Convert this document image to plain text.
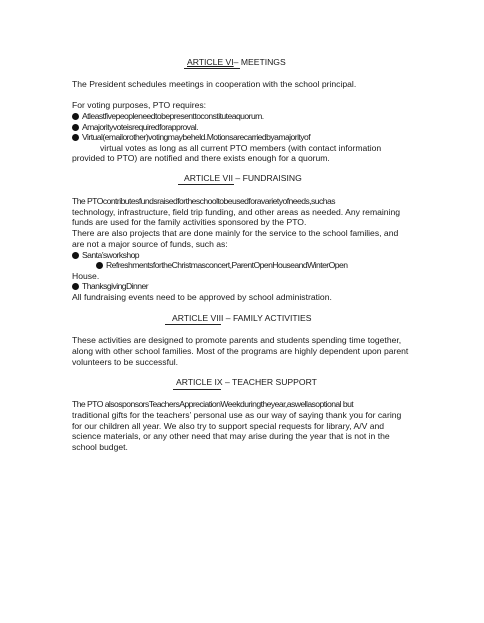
ARTICLE VI– MEETINGS
The President schedules meetings in cooperation with the school principal.
For voting purposes, PTO requires:
Atleastfivepeopleneedtobepresenttoconstituteaquorum.
Amajorityvoteisrequiredforapproval.
Virtual(emailorother)votingmaybeheld.Motionsarecarriedbyamajorityof
virtual votes as long as all current PTO members (with contact information
provided to PTO) are notified and there exists enough for a quorum.
ARTICLE VII – FUNDRAISING
The PTOcontributesfundsraisedfortheschooltobeusedforavarietyofneeds,suchas
technology, infrastructure, field trip funding, and other areas as needed. Any remaining
funds are used for the family activities sponsored by the PTO.
There are also projects that are done mainly for the service to the school families, and
are not a major source of funds, such as:
Santa’sworkshop
RefreshmentsfortheChristmasconcert,ParentOpenHouseandWinterOpen
House.
ThanksgivingDinner
All fundraising events need to be approved by school administration.
ARTICLE VIII – FAMILY ACTIVITIES
These activities are designed to promote parents and students spending time together,
along with other school families. Most of the programs are highly dependent upon parent
volunteers to be successful.
ARTICLE IX – TEACHER SUPPORT
The PTO alsosponsorsTeachersAppreciationWeekduringtheyear,aswellasoptional but
traditional gifts for the teachers’ personal use as our way of saying thank you for caring
for our children all year. We also try to support special requests for library, A/V and
science materials, or any other need that may arise during the year that is not in the
school budget.
